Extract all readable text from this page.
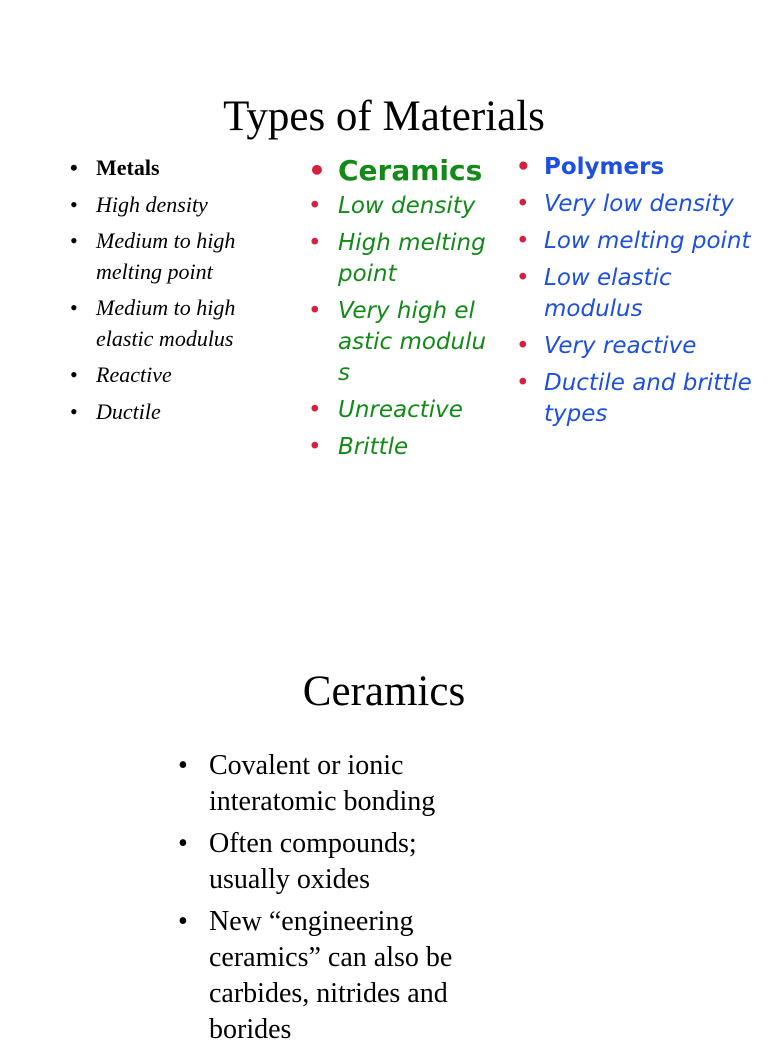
Types of Materials
• Metals
• High density
• Medium to high melting point
• Medium to high elastic modulus
• Reactive
• Ductile
• Ceramics
• Low density
• High melting point
• Very high elastic modulus
• Unreactive
• Brittle
• Polymers
• Very low density
• Low melting point
• Low elastic modulus
• Very reactive
• Ductile and brittle types
Ceramics
• Covalent or ionic interatomic bonding
• Often compounds; usually oxides
• New “engineering ceramics” can also be carbides, nitrides and borides
